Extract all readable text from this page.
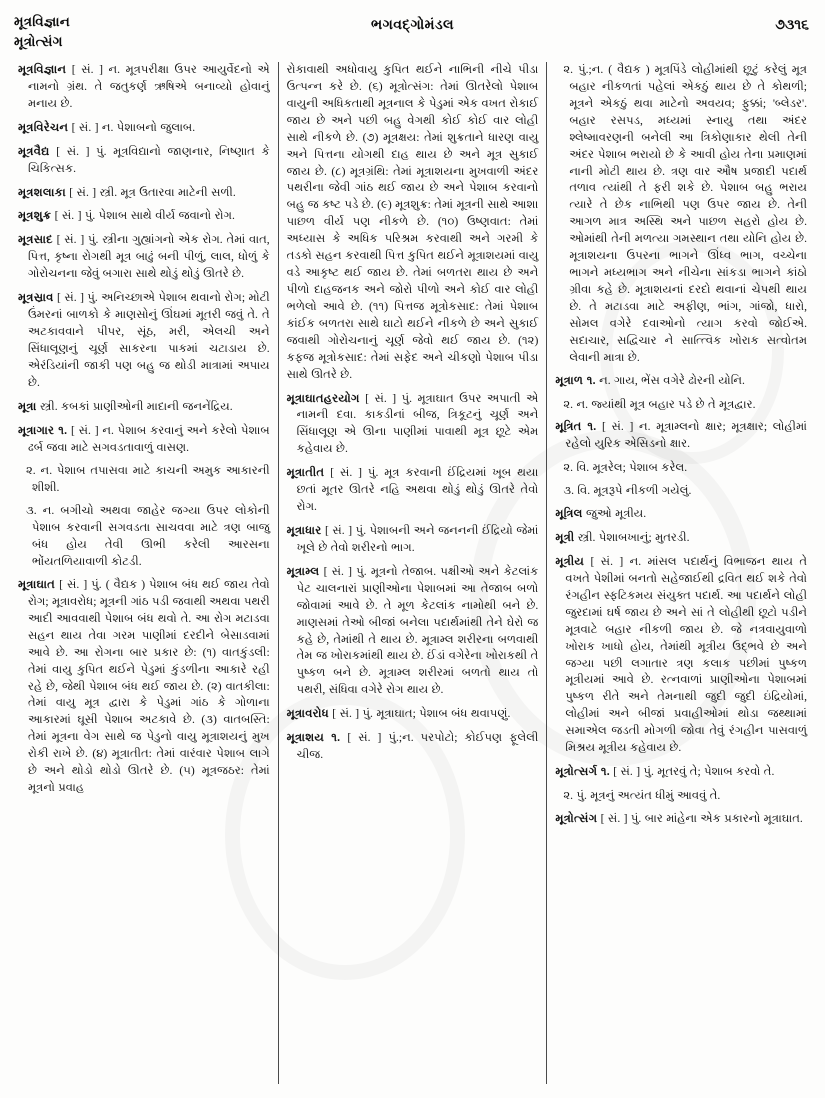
મૂત્રવિજ્ઞાન
મૂત્રોત્સંગ
ભગવદ્ગોમંડલ	૭૩૧૬

મૂત્રવિજ્ઞાન [ સં. ] ન. મૂત્રપરીક્ષા ઉપર આયુર્વેદનો એ નામનો ગ્રંથ. તે જતુકર્ણ ઋષિએ બનાવ્યો હોવાનું મનાય છે.

મૂત્રવિરેચન [ સં. ] ન. પેશાબનો જુલાબ.

મૂત્રવૈદ્ય [ સં. ] પું. મૂત્રવિદ્યાનો જાણનાર, નિષ્ણાત કે ચિકિત્સક.

મૂત્રશલાકા [ સં. ] સ્ત્રી. મૂત્ર ઉતારવા માટેની સળી.

મૂત્રશુક્ર [ સં. ] પું. પેશાબ સાથે વીર્ય જવાનો રોગ.

મૂત્રસાદ [ સં. ] પું. સ્ત્રીના ગુહ્યાંગનો એક રોગ. તેમાં વાત, પિત્ત, કૃષ્ના રોગથી મૂત્ર બાઢું બની પીળું, લાલ, ધોળું કે ગોરોચનના જેવું બગારા સાથે થોડું થોડું ઊતરે છે.

મૂત્રસ્રાવ [ સં. ] પું. અનિચ્છાએ પેશાબ થવાનો રોગ; મોટી ઉંમરનાં બાળકો કે માણસોનું ઊંઘમાં મૂતરી જવું તે. તે અટકાવવાને પીપર, સૂંઠ, મરી, એલચી અને સિંધાલૂણનું ચૂર્ણ સાકરના પાકમાં ચટાડાય છે. એરંડિયાંની જાકી પણ બહુ જ થોડી માત્રામાં અપાય છે.

મૂત્રા સ્ત્રી. કબકાં પ્રાણીઓની માદાની જનનેંદ્રિય.

મૂત્રાગાર ૧. [ સં. ] ન. પેશાબ કરવાનું અને કરેલો પેશાબ ઢર્બ જવા માટે સગવડતાવાળું વાસણ.

૨. ન. પેશાબ તપાસવા માટે કાચની અમુક આકારની શીશી.

૩. ન. બગીચો અથવા જાહેર જગ્યા ઉપર લોકોની પેશાબ કરવાની સગવડતા સાચવવા માટે ત્રણ બાજુ બંધ હોય તેવી ઊભી કરેલી આરસના ભોંયતળિયાવાળી કોટડી.

મૂત્રાઘાત [ સં. ] પું. ( વૈદ્યક ) પેશાબ બંધ થઈ જાય તેવો રોગ; મૂત્રાવરોધ; મૂત્રની ગાંઠ પડી જવાથી અથવા પથરી આદી આવવાથી પેશાબ બંધ થવો તે. આ રોગ મટાડવા સહન થાય તેવા ગરમ પાણીમાં દરદીને બેસાડવામાં આવે છે. આ રોગના બાર પ્રકાર છે: (૧) વાતકુંડલી: તેમાં વાયુ કુપિત થઈને પેડુમાં કુંડળીના આકારે રહી રહે છે, જેથી પેશાબ બંધ થઈ જાય છે. (૨) વાતકીલા: તેમાં વાયુ મૂત્ર દ્વારા કે પેડુમાં ગાંઠ કે ગોળાના આકારમાં ઘૂસી પેશાબ અટકાવે છે. (૩) વાતબસ્તિ: તેમાં મૂત્રના વેગ સાથે જ પેડુનો વાયુ મૂત્રાશયનું મુખ રોકી રાખે છે. (૪) મૂત્રાતીત: તેમાં વારંવાર પેશાબ લાગે છે અને થોડો થોડો ઊતરે છે. (૫) મૂત્રજઠર: તેમાં મૂત્રનો પ્રવાહ

રોકાવાથી અધોવાયુ કુપિત થઈને નાભિની નીચે પીડા ઉત્પન્ન કરે છે. (૬) મૂત્રોત્સંગ: તેમાં ઊતરેલો પેશાબ વાયુની અધિકતાથી મૂત્રનાલ કે પેડુમાં એક વખત રોકાઈ જાય છે અને પછી બહુ વેગથી કોઈ કોઈ વાર લોહી સાથે નીકળે છે. (૭) મૂત્રક્ષય: તેમાં શુક્રતાને ધારણ વાયુ અને પિત્તના યોગથી દાહ થાય છે અને મૂત્ર સુકાઈ જાય છે. (૮) મૂત્રગ્રંથિ: તેમાં મૂત્રાશયના મુખવાળી અંદર પથરીના જેવી ગાંઠ થઈ જાય છે અને પેશાબ કરવાનો બહુ જ કષ્ટ પડે છે. (૯) મૂત્રશુક્ર: તેમાં મૂત્રની સાથે આશા પાછળ વીર્ય પણ નીકળે છે. (૧૦) ઉષ્ણવાત: તેમાં અધ્યાસ કે અધિક પરિશ્રમ કરવાથી અને ગરમી કે તડકો સહન કરવાથી પિત્ત કુપિત થઈને મૂત્રાશયમાં વાયુ વડે આકૃષ્ટ થઈ જાય છે. તેમાં બળતરા થાય છે અને પીળો દાહજનક અને જોરો પીળો અને કોઈ વાર લોહી ભળેલો આવે છે. (૧૧) પિત્તજ મૂત્રોકસાદ: તેમાં પેશાબ કાંઈક બળતરા સાથે ઘાટો થઈને નીકળે છે અને સુકાઈ જવાથી ગોરોચનાનું ચૂર્ણ જેવો થઈ જાય છે. (૧૨) કફજ મૂત્રોકસાદ: તેમાં સફેદ અને ચીકણો પેશાબ પીડા સાથે ઊતરે છે.

મૂત્રાઘાતહરયોગ [ સં. ] પું. મૂત્રાઘાત ઉપર અપાતી એ નામની દવા. કાકડીનાં બીજ, ત્રિકૂટનું ચૂર્ણ અને સિંધાલૂણ એ ઊના પાણીમાં પાવાથી મૂત્ર છૂટે એમ કહેવાય છે.

મૂત્રાતીત [ સં. ] પું. મૂત્ર કરવાની ઈંદ્રિયમાં ખૂબ થયા છતાં મૂતર ઊતરે નહિ અથવા થોડું થોડું ઊતરે તેવો રોગ.

મૂત્રાધાર [ સં. ] પું. પેશાબની અને જનનની ઈંદ્રિયો જેમાં ખૂલે છે તેવો શરીરનો ભાગ.

મૂત્રામ્લ [ સં. ] પું. મૂત્રનો તેજાબ. પક્ષીઓ અને કેટલાંક પેટ ચાલનારાં પ્રાણીઓના પેશાબમાં આ તેજાબ બળો જોવામાં આવે છે. તે મૂળ કેટલાંક નામોથી બને છે. માણસમાં તેઓ બીજાં બનેલા પદાર્થમાંથી તેને ઘેરો જ કહે છે, તેમાંથી તે થાય છે. મૂત્રામ્લ શરીરના બળવાથી તેમ જ ખોરાકમાંથી થાય છે. ઈંડાં વગેરેના ખોરાકથી તે પુષ્કળ બને છે. મૂત્રામ્લ શરીરમાં બળતો થાય તો પથરી, સંધિવા વગેરે રોગ થાય છે.

મૂત્રાવરોધ [ સં. ] પું. મૂત્રાઘાત; પેશાબ બંધ થવાપણું.

મૂત્રાશય ૧. [ સં. ] પું.;ન. પરપોટો; કોઈપણ ફૂલેલી ચીજ.

૨. પું.;ન. ( વૈદ્યક ) મૂત્રપિંડે લોહીમાંથી છૂટું કરેલું મૂત્ર બહાર નીકળતાં પહેલાં એકઠું થાય છે તે કોથળી; મૂત્રને એકઠું થવા માટેનો અવયવ; ફુક્કાં; 'બ્લેડર'. બહાર રસપડ, મધ્યમાં સ્નાયુ તથા અંદર શ્લેષ્માવરણની બનેલી આ ત્રિકોણાકાર થેલી તેની અંદર પેશાબ ભરાયો છે કે આવી હોય તેના પ્રમાણમાં નાની મોટી થાય છે. ત્રણ વાર ઔષ પ્રજાદી પદાર્થ તળાવ ત્યાંથી તે ફરી શકે છે. પેશાબ બહુ ભરાય ત્યારે તે છેક નાભિથી પણ ઉપર જાય છે. તેની આગળ માત્ર અસ્થિ અને પાછળ સહરો હોય છે. ઓમાંથી તેની મળત્યા ગમસ્થાન તથા યોનિ હોય છે. મૂત્રાશયના ઉપરના ભાગને ઊંધ્વ ભાગ, વચ્ચેના ભાગને મધ્યભાગ અને નીચેના સાંકડા ભાગને કાંઠો ગ્રીવા કહે છે. મૂત્રાશયનાં દરદો થવાનાં ચેપથી થાય છે. તે મટાડવા માટે અફીણ, ભાંગ, ગાંજો, ધારો, સોમલ વગેરે દવાઓનો ત્યાગ કરવો જોઈએ. સદાચાર, સદ્વિચાર ને સાત્ત્વિક ખોરાક સત્વોતમ લેવાની માત્રા છે.

મૂત્રાળ ૧. ન. ગાય, ભેંસ વગેરે ઢોરની યોનિ.

૨. ન. જ્યાંથી મૂત્ર બહાર પડે છે તે મૂત્રદ્વાર.

મૂત્રિત ૧. [ સં. ] ન. મૂત્રામ્લનો ક્ષાર; મૂત્રક્ષાર; લોહીમાં રહેલો યુરિક એસિડનો ક્ષાર.

૨. વિ. મૂત્રરેલ; પેશાબ કરેલ.

૩. વિ. મૂત્રરૂપે નીકળી ગયેલું.

મૂત્રિલ જુઓ મૂત્રીય.

મૂત્રી સ્ત્રી. પેશાબખાનું; મુતરડી.

મૂત્રીય [ સં. ] ન. માંસલ પદાર્થનું વિભાજન થાય તે વખતે પેશીમાં બનતો સહેજાઈથી દ્રવિત થઈ શકે તેવો રંગહીન સ્ફટિકમય સંયુક્ત પદાર્થ. આ પદાર્થને લોહી જુરદામાં ઘર્ષ જાય છે અને સાં તે લોહીથી છૂટો પડીને મૂત્રવાટે બહાર નીકળી જાય છે. જે નત્રવાયુવાળો ખોરાક ખાધો હોય, તેમાંથી મૂત્રીય ઉદ્ભવે છે અને જગ્યા પછી લગાતાર ત્રણ કલાક પછીમાં પુષ્કળ મૂત્રીયમાં આવે છે. રત્નવાળાં પ્રાણીઓના પેશાબમાં પુષ્કળ રીતે અને તેમનાથી જુદી જુદી ઇંદ્રિયોમાં, લોહીમાં અને બીજાં પ્રવાહીઓમાં થોડા જથ્થામાં સમાએલ જડતી મોગળી જોવા તેવું રંગહીન પાસવાળું મિશ્રય મૂત્રીય કહેવાય છે.

મૂત્રોત્સર્ગ ૧. [ સં. ] પું. મૂતરવું તે; પેશાબ કરવો તે.

૨. પું. મૂત્રનું અત્યંત ધીમું આવવું તે.

મૂત્રોત્સંગ [ સં. ] પું. બાર માંહેના એક પ્રકારનો મૂત્રાઘાત.
